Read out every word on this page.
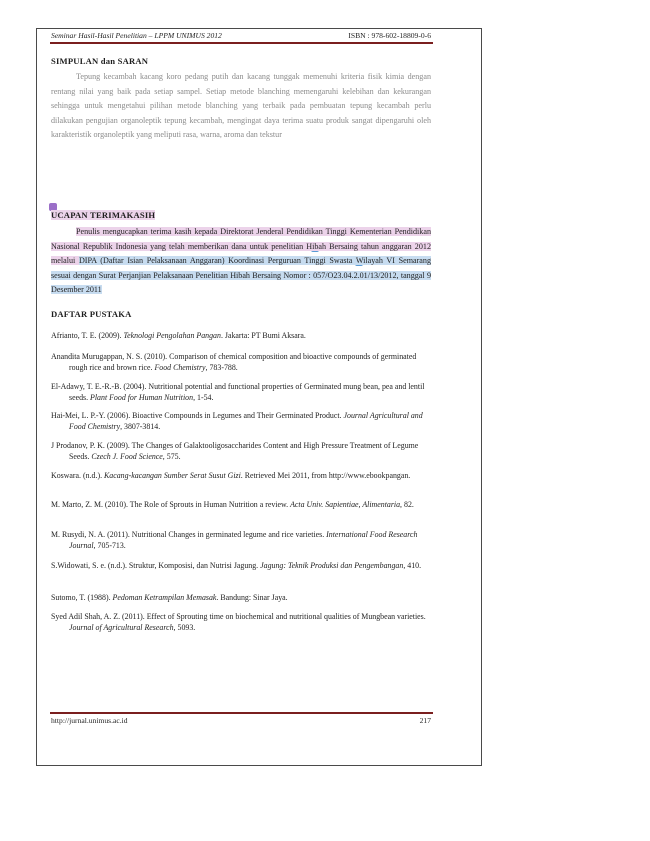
Seminar Hasil-Hasil Penelitian – LPPM UNIMUS 2012	ISBN : 978-602-18809-0-6
SIMPULAN dan SARAN

Tepung kecambah kacang koro pedang putih dan kacang tunggak memenuhi kriteria fisik kimia dengan rentang nilai yang baik pada setiap sampel. Setiap metode blanching memengaruhi kelebihan dan kekurangan sehingga untuk mengetahui pilihan metode blanching yang terbaik pada pembuatan tepung kecambah perlu dilakukan pengujian organoleptik tepung kecambah, mengingat daya terima suatu produk sangat dipengaruhi oleh karakteristik organoleptik yang meliputi rasa, warna, aroma dan tekstur

UCAPAN TERIMAKASIH

Penulis mengucapkan terima kasih kepada Direktorat Jenderal Pendidikan Tinggi Kementerian Pendidikan Nasional Republik Indonesia yang telah memberikan dana untuk penelitian Hibah Bersaing tahun anggaran 2012 melalui DIPA (Daftar Isian Pelaksanaan Anggaran) Koordinasi Perguruan Tinggi Swasta Wilayah VI Semarang sesuai dengan Surat Perjanjian Pelaksanaan Penelitian Hibah Bersaing Nomor : 057/O23.04.2.01/13/2012, tanggal 9 Desember 2011

DAFTAR PUSTAKA
Afrianto, T. E. (2009). Teknologi Pengolahan Pangan. Jakarta: PT Bumi Aksara.
Anandita Murugappan, N. S. (2010). Comparison of chemical composition and bioactive compounds of germinated rough rice and brown rice. Food Chemistry, 783-788.
El-Adawy, T. E.-R.-B. (2004). Nutritional potential and functional properties of Germinated mung bean, pea and lentil seeds. Plant Food for Human Nutrition, 1-54.
Hai-Mei, L. P.-Y. (2006). Bioactive Compounds in Legumes and Their Germinated Product. Journal Agricultural and Food Chemistry, 3807-3814.
J Prodanov, P. K. (2009). The Changes of Galaktooligosaccharides Content and High Pressure Treatment of Legume Seeds. Czech J. Food Science, 575.
Koswara. (n.d.). Kacang-kacangan Sumber Serat Susut Gizi. Retrieved Mei 2011, from http://www.ebookpangan.
M. Marto, Z. M. (2010). The Role of Sprouts in Human Nutrition a review. Acta Univ. Sapientiae, Alimentaria, 82.
M. Rusydi, N. A. (2011). Nutritional Changes in germinated legume and rice varieties. International Food Research Journal, 705-713.
S.Widowati, S. e. (n.d.). Struktur, Komposisi, dan Nutrisi Jagung. Jagung: Teknik Produksi dan Pengembangan, 410.
Sutomo, T. (1988). Pedoman Ketrampilan Memasak. Bandung: Sinar Jaya.
Syed Adil Shah, A. Z. (2011). Effect of Sprouting time on biochemical and nutritional qualities of Mungbean varieties. Journal of Agricultural Research, 5093.
http://jurnal.unimus.ac.id	217
